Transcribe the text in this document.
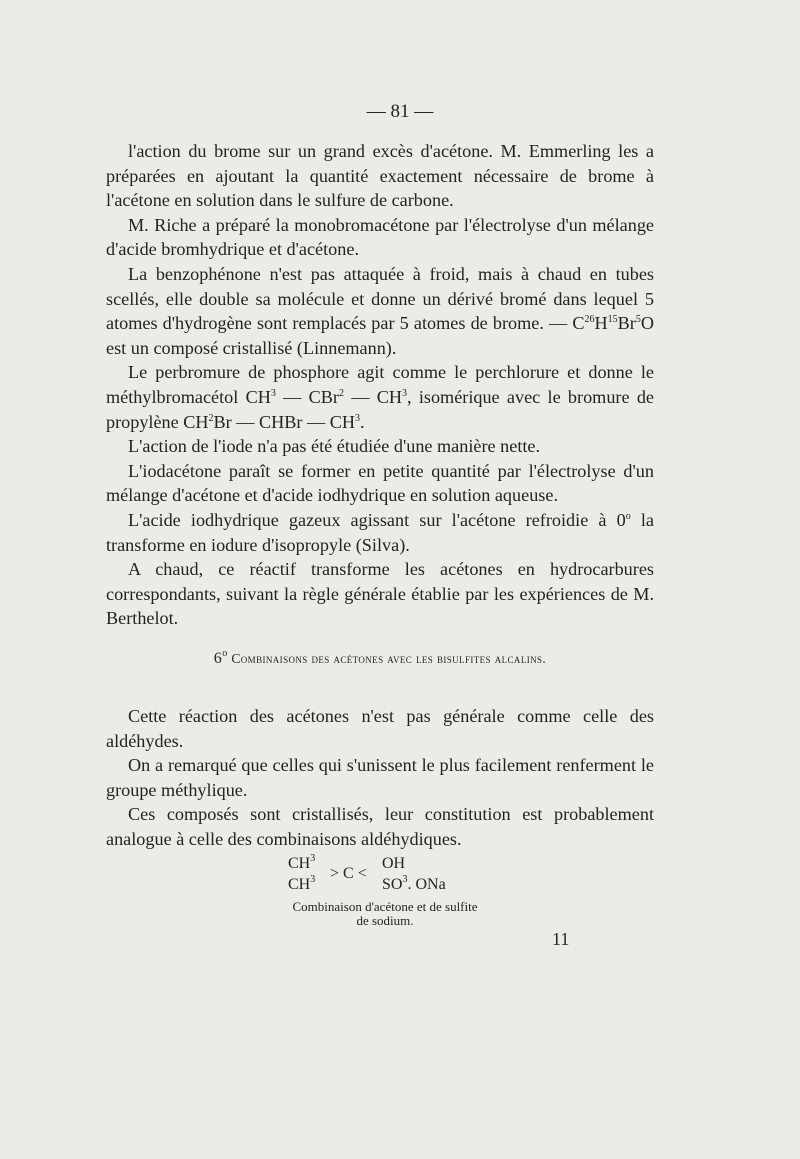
— 81 —

l'action du brome sur un grand excès d'acétone. M. Emmerling les a préparées en ajoutant la quantité exactement nécessaire de brome à l'acétone en solution dans le sulfure de carbone.

M. Riche a préparé la monobromacétone par l'électrolyse d'un mélange d'acide bromhydrique et d'acétone.

La benzophénone n'est pas attaquée à froid, mais à chaud en tubes scellés, elle double sa molécule et donne un dérivé bromé dans lequel 5 atomes d'hydrogène sont remplacés par 5 atomes de brome. — $C^{26}H^{15}Br^5O$ est un composé cristallisé (Linnemann).

Le perbromure de phosphore agit comme le perchlorure et donne le méthylbromacétol $CH^3$ — CBr$^2$ — $CH^3$, isomérique avec le bromure de propylène $CH^2Br$ — CHBr — $CH^3$.

L'action de l'iode n'a pas été étudiée d'une manière nette.

L'iodacétone paraît se former en petite quantité par l'électrolyse d'un mélange d'acétone et d'acide iodhydrique en solution aqueuse.

L'acide iodhydrique gazeux agissant sur l'acétone refroidie à 0$^o$ la transforme en iodure d'isopropyle (Silva).

A chaud, ce réactif transforme les acétones en hydrocarbures correspondants, suivant la règle générale établie par les expériences de M. Berthelot.

6$^o$ Combinaisons des acétones avec les bisulfites alcalins.

Cette réaction des acétones n'est pas générale comme celle des aldéhydes.

On a remarqué que celles qui s'unissent le plus facilement renferment le groupe méthylique.

Ces composés sont cristallisés, leur constitution est probablement analogue à celle des combinaisons aldéhydiques.

$CH^3$
$CH^3 > C$ <
OH
$SO^3$. ONa
Combinaison d'acétone et de sulfite
de sodium.
11
